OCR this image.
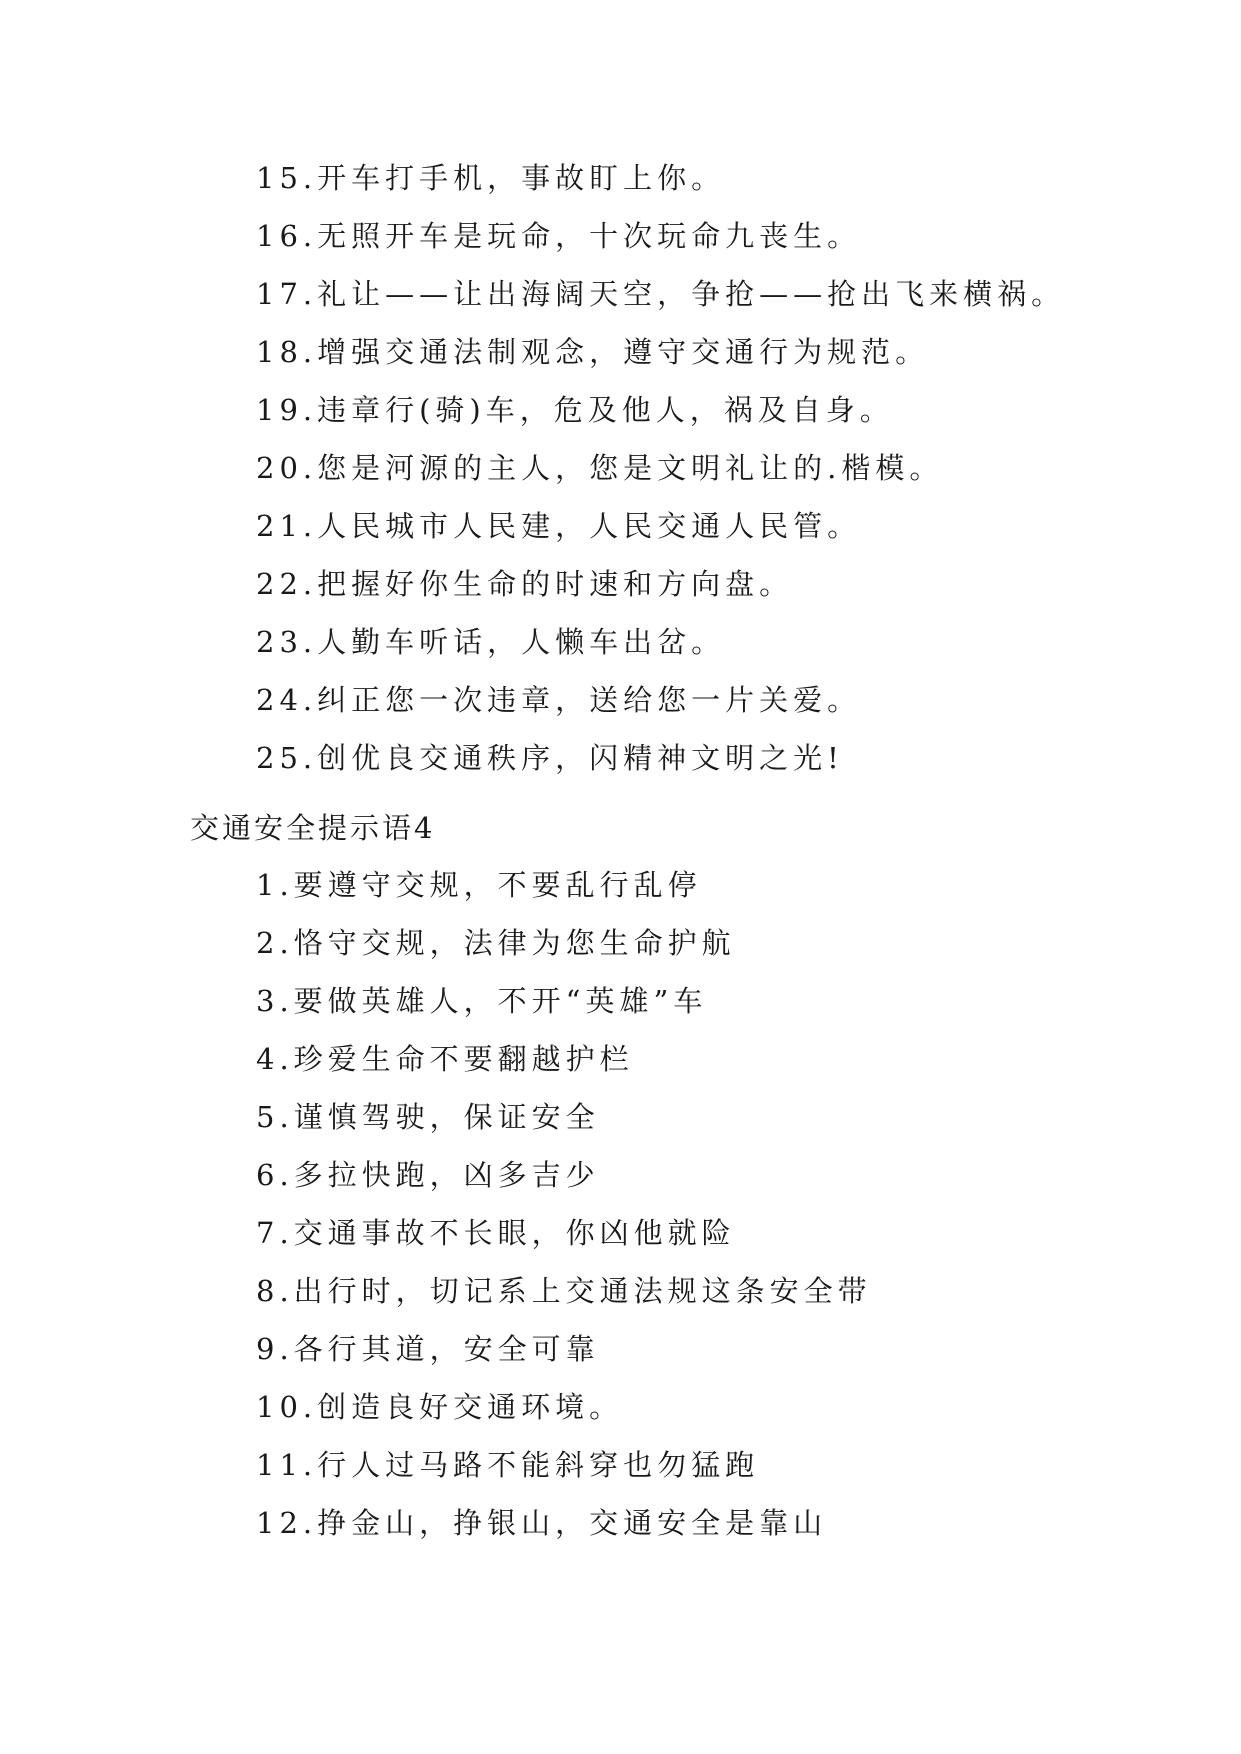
15.开车打手机，事故盯上你。
16.无照开车是玩命，十次玩命九丧生。
17.礼让——让出海阔天空，争抢——抢出飞来横祸。
18.增强交通法制观念，遵守交通行为规范。
19.违章行(骑)车，危及他人，祸及自身。
20.您是河源的主人，您是文明礼让的.楷模。
21.人民城市人民建，人民交通人民管。
22.把握好你生命的时速和方向盘。
23.人勤车听话，人懒车出岔。
24.纠正您一次违章，送给您一片关爱。
25.创优良交通秩序，闪精神文明之光!
交通安全提示语4
1.要遵守交规，不要乱行乱停
2.恪守交规，法律为您生命护航
3.要做英雄人，不开“英雄”车
4.珍爱生命不要翻越护栏
5.谨慎驾驶，保证安全
6.多拉快跑，凶多吉少
7.交通事故不长眼，你凶他就险
8.出行时，切记系上交通法规这条安全带
9.各行其道，安全可靠
10.创造良好交通环境。
11.行人过马路不能斜穿也勿猛跑
12.挣金山，挣银山，交通安全是靠山
